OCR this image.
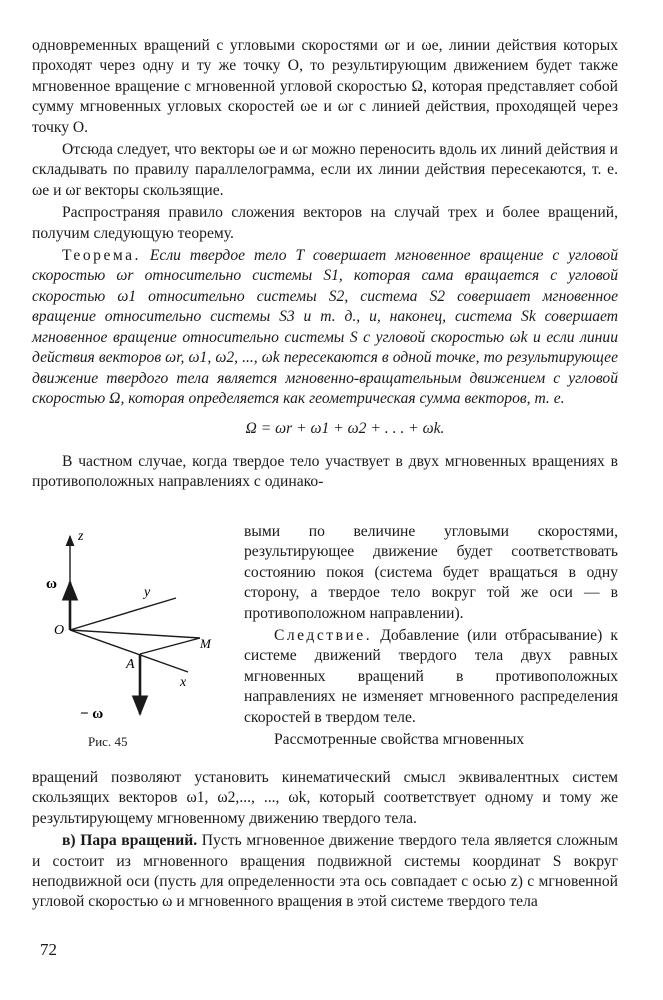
одновременных вращений с угловыми скоростями ωr и ωe, линии действия которых проходят через одну и ту же точку O, то результирующим движением будет также мгновенное вращение с мгновенной угловой скоростью Ω, которая представляет собой сумму мгновенных угловых скоростей ωe и ωr с линией действия, проходящей через точку O.

Отсюда следует, что векторы ωe и ωr можно переносить вдоль их линий действия и складывать по правилу параллелограмма, если их линии действия пересекаются, т. е. ωe и ωr векторы скользящие.

Распространяя правило сложения векторов на случай трех и более вращений, получим следующую теорему.

Теорема. Если твердое тело T совершает мгновенное вращение с угловой скоростью ωr относительно системы S1, которая сама вращается с угловой скоростью ω1 относительно системы S2, система S2 совершает мгновенное вращение относительно системы S3 и т. д., и, наконец, система Sk совершает мгновенное вращение относительно системы S с угловой скоростью ωk и если линии действия векторов ωr, ω1, ω2, ..., ωk пересекаются в одной точке, то результирующее движение твердого тела является мгновенно-вращательным движением с угловой скоростью Ω, которая определяется как геометрическая сумма векторов, т. е.

Ω = ωr + ω1 + ω2 + . . . + ωk.

В частном случае, когда твердое тело участвует в двух мгновенных вращениях в противоположных направлениях с одинако-

z
ω
y
O
M
A
x
− ω
Рис. 45

выми по величине угловыми скоростями, результирующее движение будет соответствовать состоянию покоя (система будет вращаться в одну сторону, а твердое тело вокруг той же оси — в противоположном направлении).

Следствие. Добавление (или отбрасывание) к системе движений твердого тела двух равных мгновенных вращений в противоположных направлениях не изменяет мгновенного распределения скоростей в твердом теле.

Рассмотренные свойства мгновенных

вращений позволяют установить кинематический смысл эквивалентных систем скользящих векторов ω1, ω2,..., ..., ωk, который соответствует одному и тому же результирующему мгновенному движению твердого тела.

в) Пара вращений. Пусть мгновенное движение твердого тела является сложным и состоит из мгновенного вращения подвижной системы координат S вокруг неподвижной оси (пусть для определенности эта ось совпадает с осью z) с мгновенной угловой скоростью ω и мгновенного вращения в этой системе твердого тела

72
